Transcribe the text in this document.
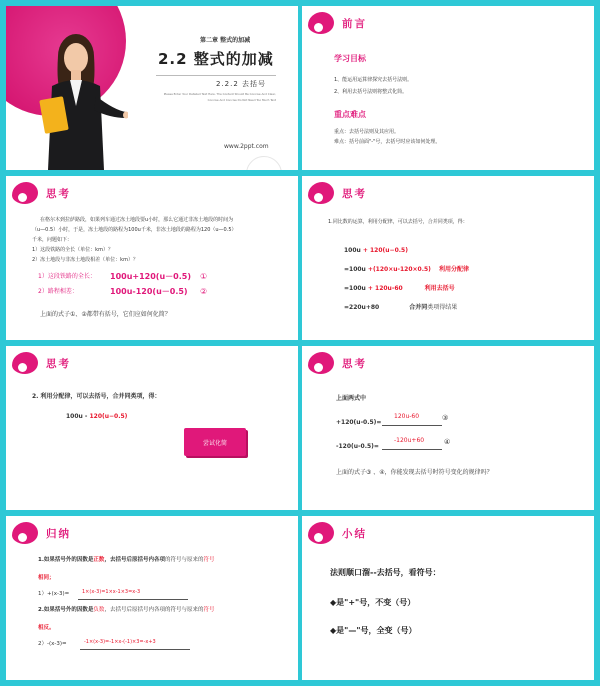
第二章 整式的加减
2.2 整式的加减
2.2.2 去括号
Please Enter Your Detailed Text Here. The Content Should Be Concise And Clear,
Concise And Concise Do Not Need Too Much Text
www.2ppt.com
前言
学习目标
1、能运用运算律探究去括号法则。
2、利用去括号法则将整式化简。
重点难点
重点：去括号法则及其应用。
难点：括号前面"-"号，去括号时应该如何处理。
思考
在格尔木到拉萨路段，如果列车通过冻土地段要u小时，那么它通过非冻土地段的时间为
（u—0.5）小时，于是，冻土地段的路程为100u千米，非冻土地段的路程为120（u—0.5）
千米，问题如下：
1）这段铁路的全长（单位：km）？
2）冻土地段与非冻土地段相差（单位：km）？
1）这段铁路的全长： 100u+120(u－0.5) ①
2）路程相差：	100u-120(u－0.5) ②
上面的式子①、②都带有括号，它们应如何化简？
思考
1.同比数的运算，利用分配律，可以去括号，合并同类项，得：
100u + 120(u−0.5)
=100u +(120×u-120×0.5) 利用分配律
=100u + 120u-60	利用去括号
=220u+80	合并同类项得结果
思考
2. 利用分配律，可以去括号，合并同类项，得：
100u - 120(u−0.5)
尝试化简
思考
上面两式中
+120(u-0.5)=
120u-60	③
-120(u-0.5)=
-120u+60	④
上面的式子③ 、④，你能发现去括号时符号变化的规律吗？
归纳
1.如果括号外的因数是正数，去括号后原括号内各项的符号与原来的符号
相同；
1）+(x-3)=	1×(x-3)=1×x-1×3=x-3
2.如果括号外的因数是负数，去括号后原括号内各项的符号与原来的符号
相反。
2）-(x-3)=	-1×(x-3)=-1×x-(-1)×3=-x+3
小结
法则顺口溜--去括号，看符号：
◆是"+"号，不变（号）
◆是"—"号，全变（号）
